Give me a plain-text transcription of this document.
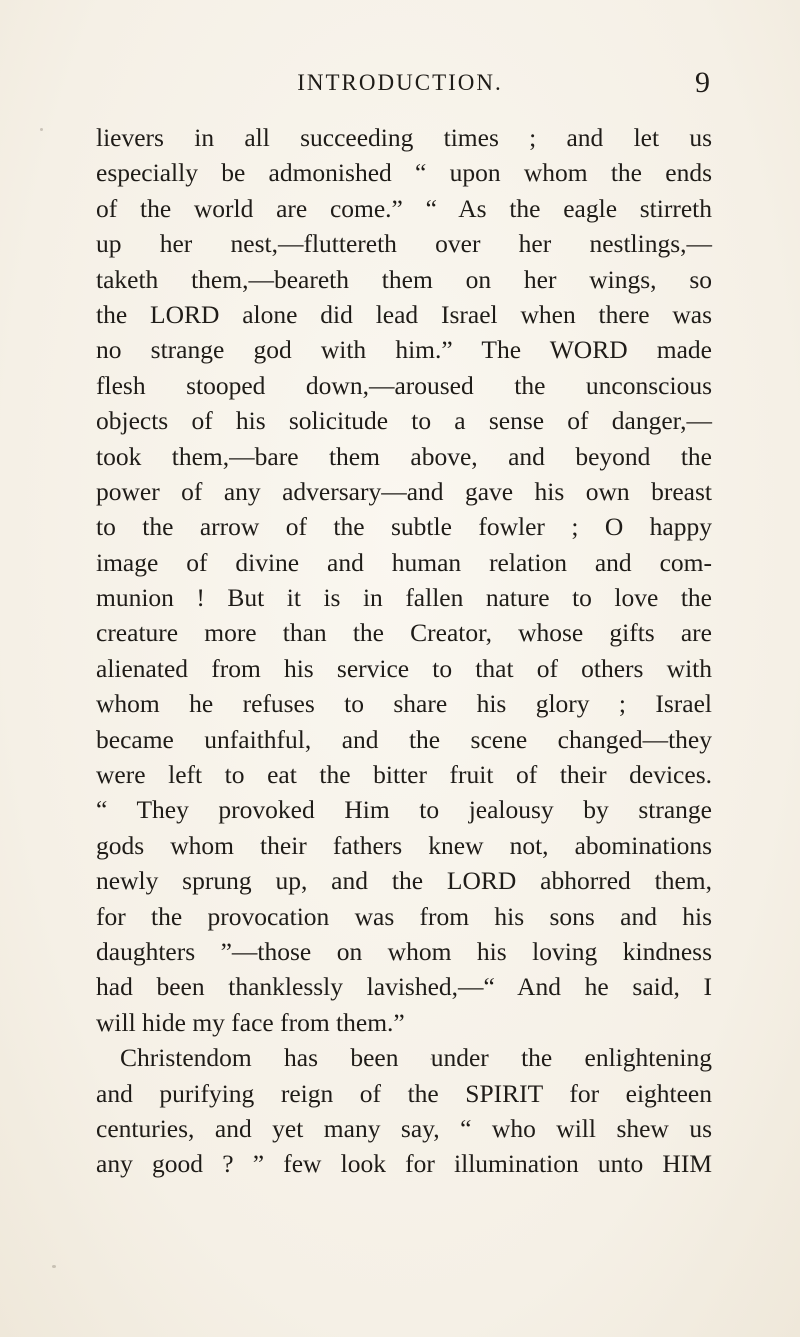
INTRODUCTION.	9
lievers in all succeeding times ; and let us
especially be admonished “ upon whom the ends
of the world are come.” “ As the eagle stirreth
up her nest,—fluttereth over her nestlings,—
taketh them,—beareth them on her wings, so
the LORD alone did lead Israel when there was
no strange god with him.” The WORD made
flesh stooped down,—aroused the unconscious
objects of his solicitude to a sense of danger,—
took them,—bare them above, and beyond the
power of any adversary—and gave his own breast
to the arrow of the subtle fowler ; O happy
image of divine and human relation and com-
munion ! But it is in fallen nature to love the
creature more than the Creator, whose gifts are
alienated from his service to that of others with
whom he refuses to share his glory ; Israel
became unfaithful, and the scene changed—they
were left to eat the bitter fruit of their devices.
“ They provoked Him to jealousy by strange
gods whom their fathers knew not, abominations
newly sprung up, and the LORD abhorred them,
for the provocation was from his sons and his
daughters ”—those on whom his loving kindness
had been thanklessly lavished,—“ And he said, I
will hide my face from them.”
Christendom has been under the enlightening
and purifying reign of the SPIRIT for eighteen
centuries, and yet many say, “ who will shew us
any good ? ” few look for illumination unto HIM
